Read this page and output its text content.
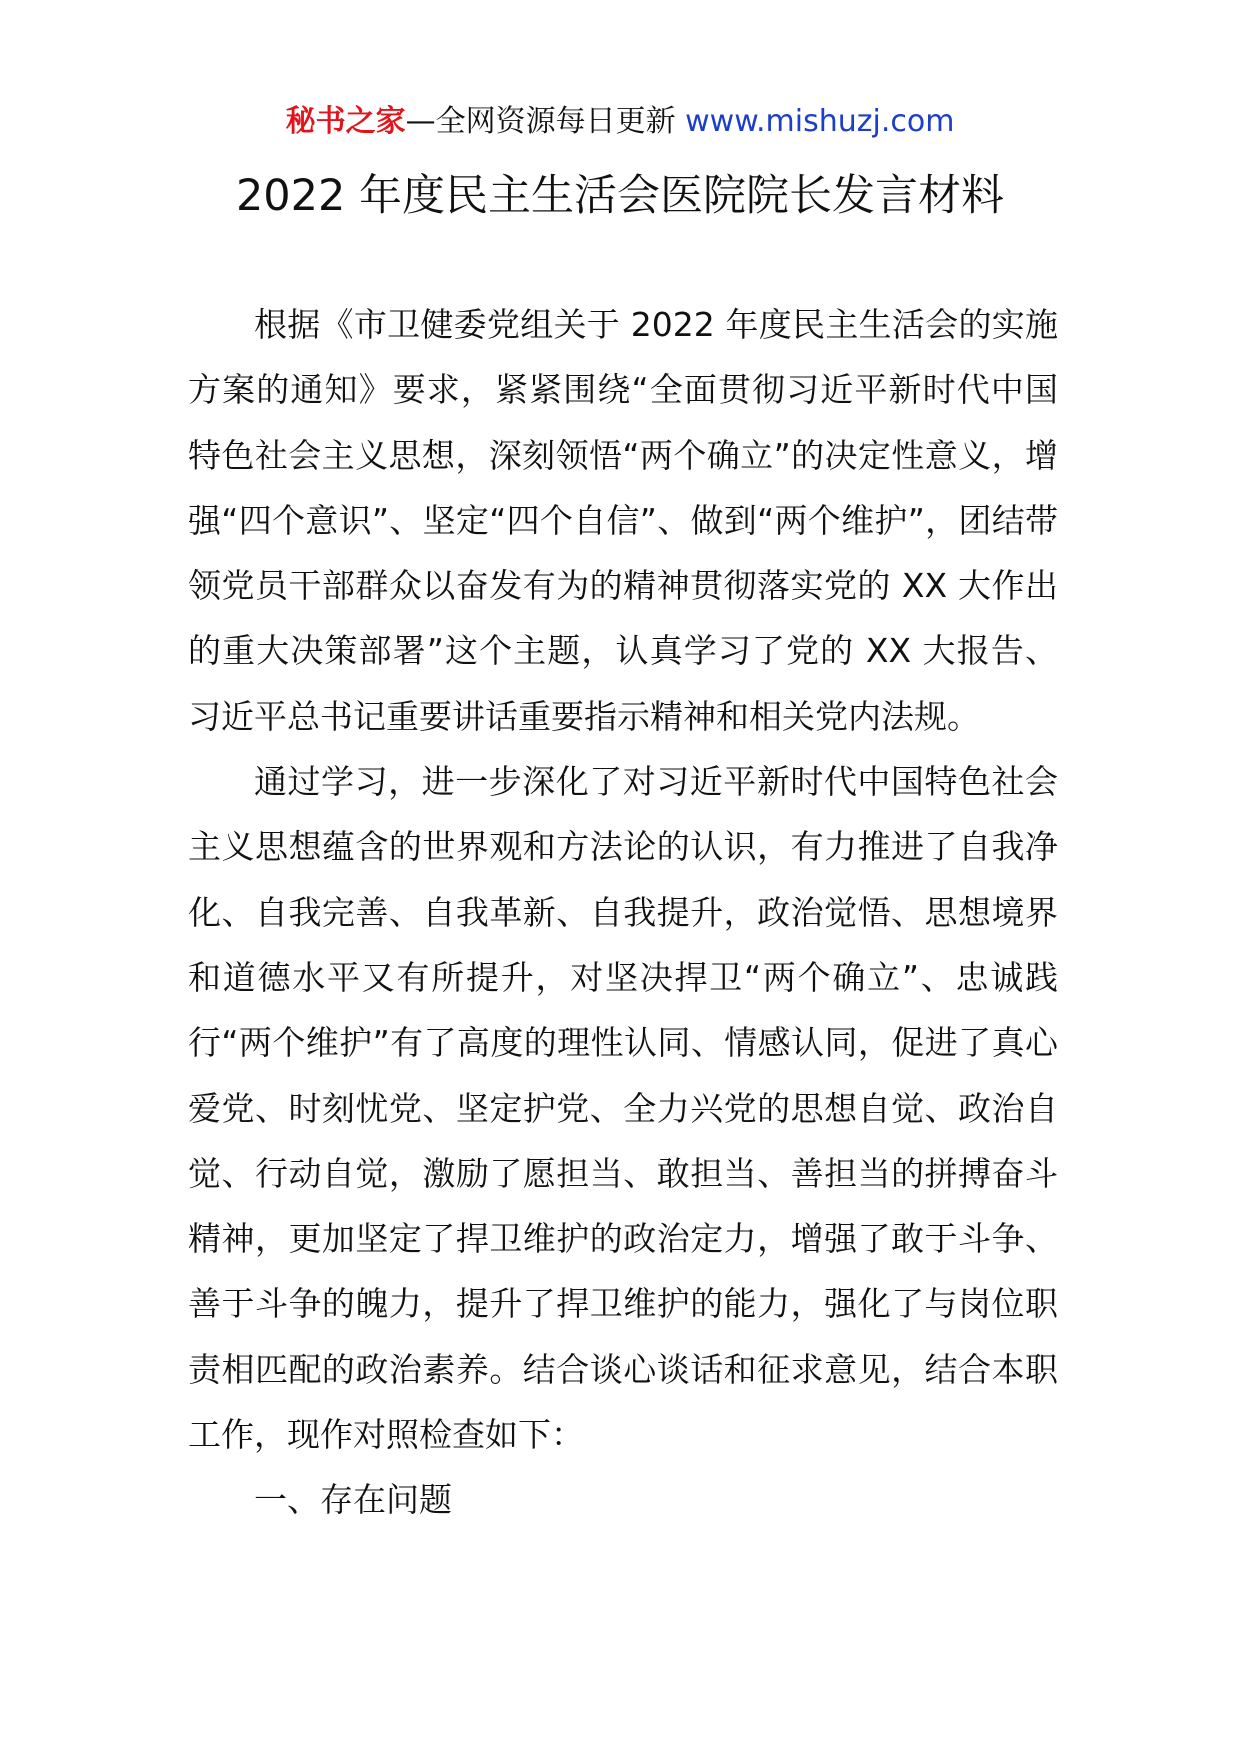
秘书之家—全网资源每日更新 www.mishuzj.com
2022 年度民主生活会医院院长发言材料

根据《市卫健委党组关于 2022 年度民主生活会的实施方案的通知》要求，紧紧围绕“全面贯彻习近平新时代中国特色社会主义思想，深刻领悟“两个确立”的决定性意义，增强“四个意识”、坚定“四个自信”、做到“两个维护”，团结带领党员干部群众以奋发有为的精神贯彻落实党的 XX 大作出的重大决策部署”这个主题，认真学习了党的 XX 大报告、习近平总书记重要讲话重要指示精神和相关党内法规。

通过学习，进一步深化了对习近平新时代中国特色社会主义思想蕴含的世界观和方法论的认识，有力推进了自我净化、自我完善、自我革新、自我提升，政治觉悟、思想境界和道德水平又有所提升，对坚决捍卫“两个确立”、忠诚践行“两个维护”有了高度的理性认同、情感认同，促进了真心爱党、时刻忧党、坚定护党、全力兴党的思想自觉、政治自觉、行动自觉，激励了愿担当、敢担当、善担当的拼搏奋斗精神，更加坚定了捍卫维护的政治定力，增强了敢于斗争、善于斗争的魄力，提升了捍卫维护的能力，强化了与岗位职责相匹配的政治素养。结合谈心谈话和征求意见，结合本职工作，现作对照检查如下：

一、存在问题
